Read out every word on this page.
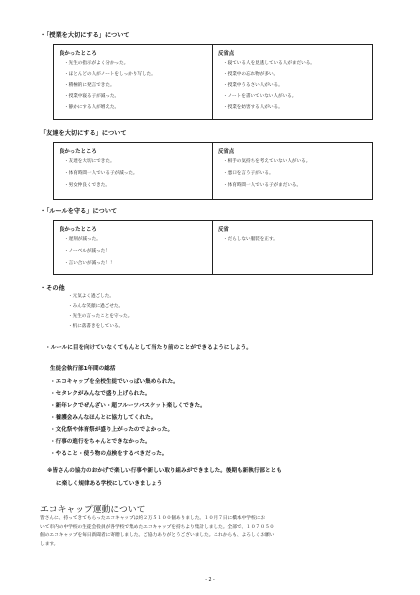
・「授業を大切にする」について
良かったところ
・先生の指示がよく分かった。
・ほとんどの人がノートをしっかり写した。
・積極的に発言できた。
・授業中寝る子が減った。
・静かにする人が増えた。
反省点
・寝ている人を見逃している人がまだいる。
・授業中の忘れ物が多い。
・授業中うるさい人がいる。
・ノートを書いていない人がいる。
・授業を妨害する人がいる。
「友達を大切にする」について
良かったところ
・友達を大切にできた。
・体育時間一人でいる子が減った。
・男女仲良くできた。
反省点
・相手の気持ちを考えていない人がいる。
・悪口を言う子がいる。
・体育時間一人でいる子がまだいる。
・「ルールを守る」について
良かったところ
・遅刻が減った。
・ノーベルが減った！
・言い合いが減った！！
反省
・だらしない服装を正す。
・その他
・元気よく過ごした。
・みんな笑顔に過ごせた。
・先生の言ったことを守った。
・机に落書きをしている。
・ルールに目を向けていなくてもんとして当たり前のことができるようにしよう。
生徒会執行部1年間の総括
・エコキャップを全校生徒でいっぱい集められた。
・セタレクがみんなで盛り上げられた。
・新年レクでぜんざい・超フルーツバスケット楽しくできた。
・養護会みんなほんとに協力してくれた。
・文化祭や体育祭が盛り上がったのでよかった。
・行事の進行をちゃんとできなかった。
・やること・使う物の点検をするべきだった。
※皆さんの協力のおかげで楽しい行事や新しい取り組みができました。後期も新執行部ととも
に楽しく規律ある学校にしていきましょう
エコキャップ運動について
皆さんに、持ってきてもらったエコキャップは約２万５１００個ありました。１０月７日に橋本中学校にお
いて市内の中学校の生徒会役員が各学校で集めたエコキャップを持ちより集計しました。全部で、１０７０５０
個のエコキャップを毎日新聞者に寄贈しました。ご協力ありがとうございました。これからも、よろしくお願い
します。
- 2 -
